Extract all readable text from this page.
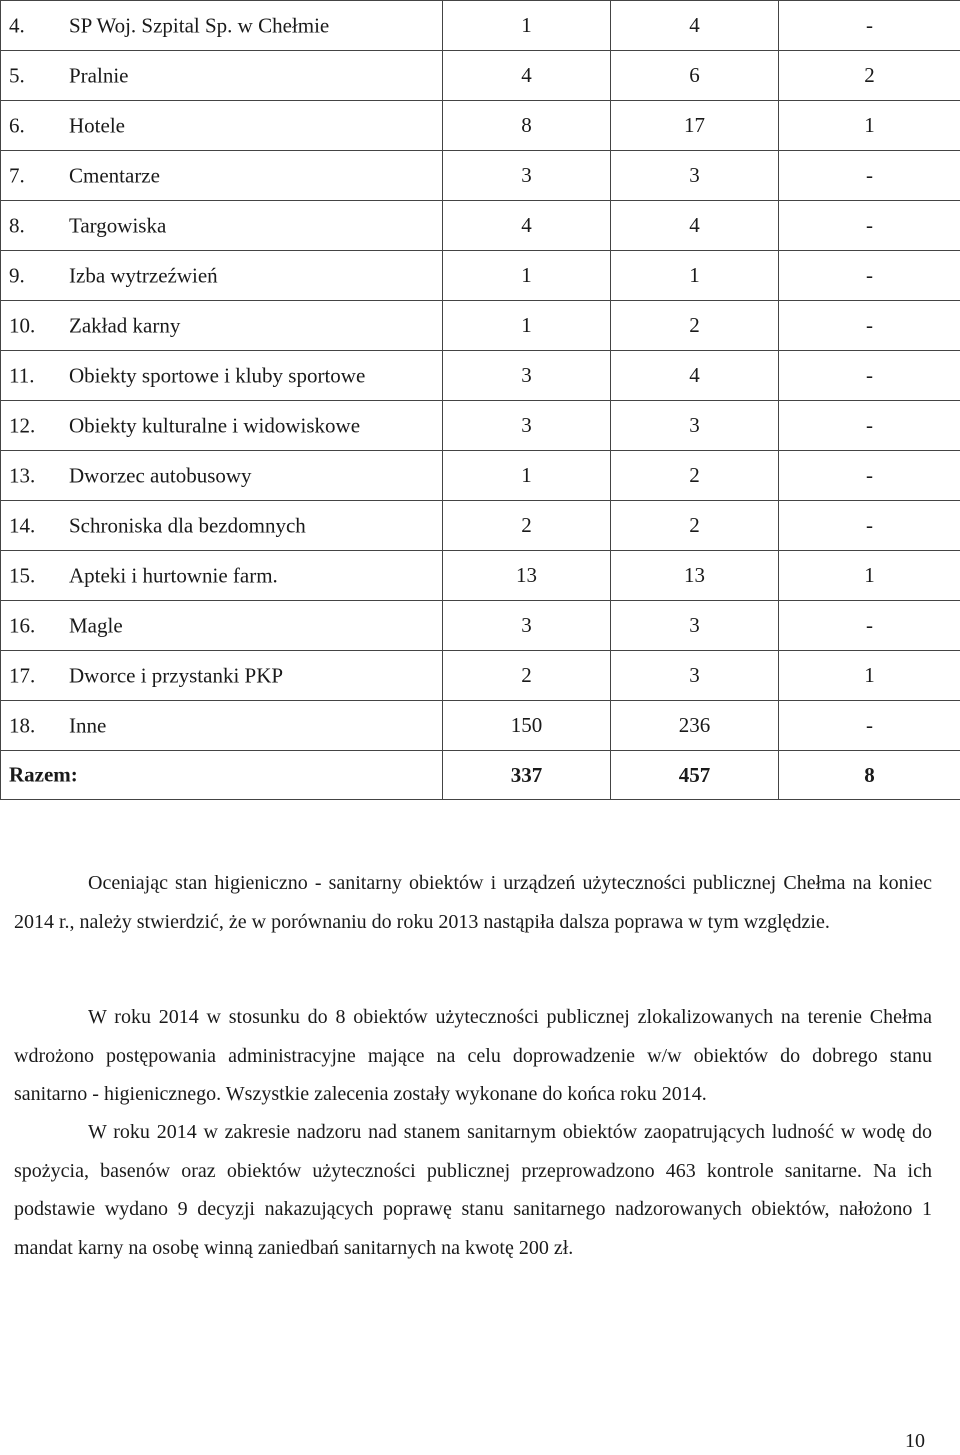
4. SP Woj. Szpital Sp. w Chełmie	1	4	-

5. Pralnie	4	6	2

6. Hotele	8	17	1

7. Cmentarze	3	3	-

8. Targowiska	4	4	-

9. Izba wytrzeźwień	1	1	-

10. Zakład karny	1	2	-

11. Obiekty sportowe i kluby sportowe	3	4	-

12. Obiekty kulturalne i widowiskowe	3	3	-

13. Dworzec autobusowy	1	2	-

14. Schroniska dla bezdomnych	2	2	-

15. Apteki i hurtownie farm.	13	13	1

16. Magle	3	3	-

17. Dworce i przystanki PKP	2	3	1

18. Inne	150	236	-

Razem:	337	457	8

Oceniając stan higieniczno - sanitarny obiektów i urządzeń użyteczności publicznej Chełma na koniec 2014 r., należy stwierdzić, że w porównaniu do roku 2013 nastąpiła dalsza poprawa w tym względzie.

W roku 2014 w stosunku do 8 obiektów użyteczności publicznej zlokalizowanych na terenie Chełma wdrożono postępowania administracyjne mające na celu doprowadzenie w/w obiektów do dobrego stanu sanitarno - higienicznego. Wszystkie zalecenia zostały wykonane do końca roku 2014.

W roku 2014 w zakresie nadzoru nad stanem sanitarnym obiektów zaopatrujących ludność w wodę do spożycia, basenów oraz obiektów użyteczności publicznej przeprowadzono 463 kontrole sanitarne. Na ich podstawie wydano 9 decyzji nakazujących poprawę stanu sanitarnego nadzorowanych obiektów, nałożono 1 mandat karny na osobę winną zaniedbań sanitarnych na kwotę 200 zł.

10
